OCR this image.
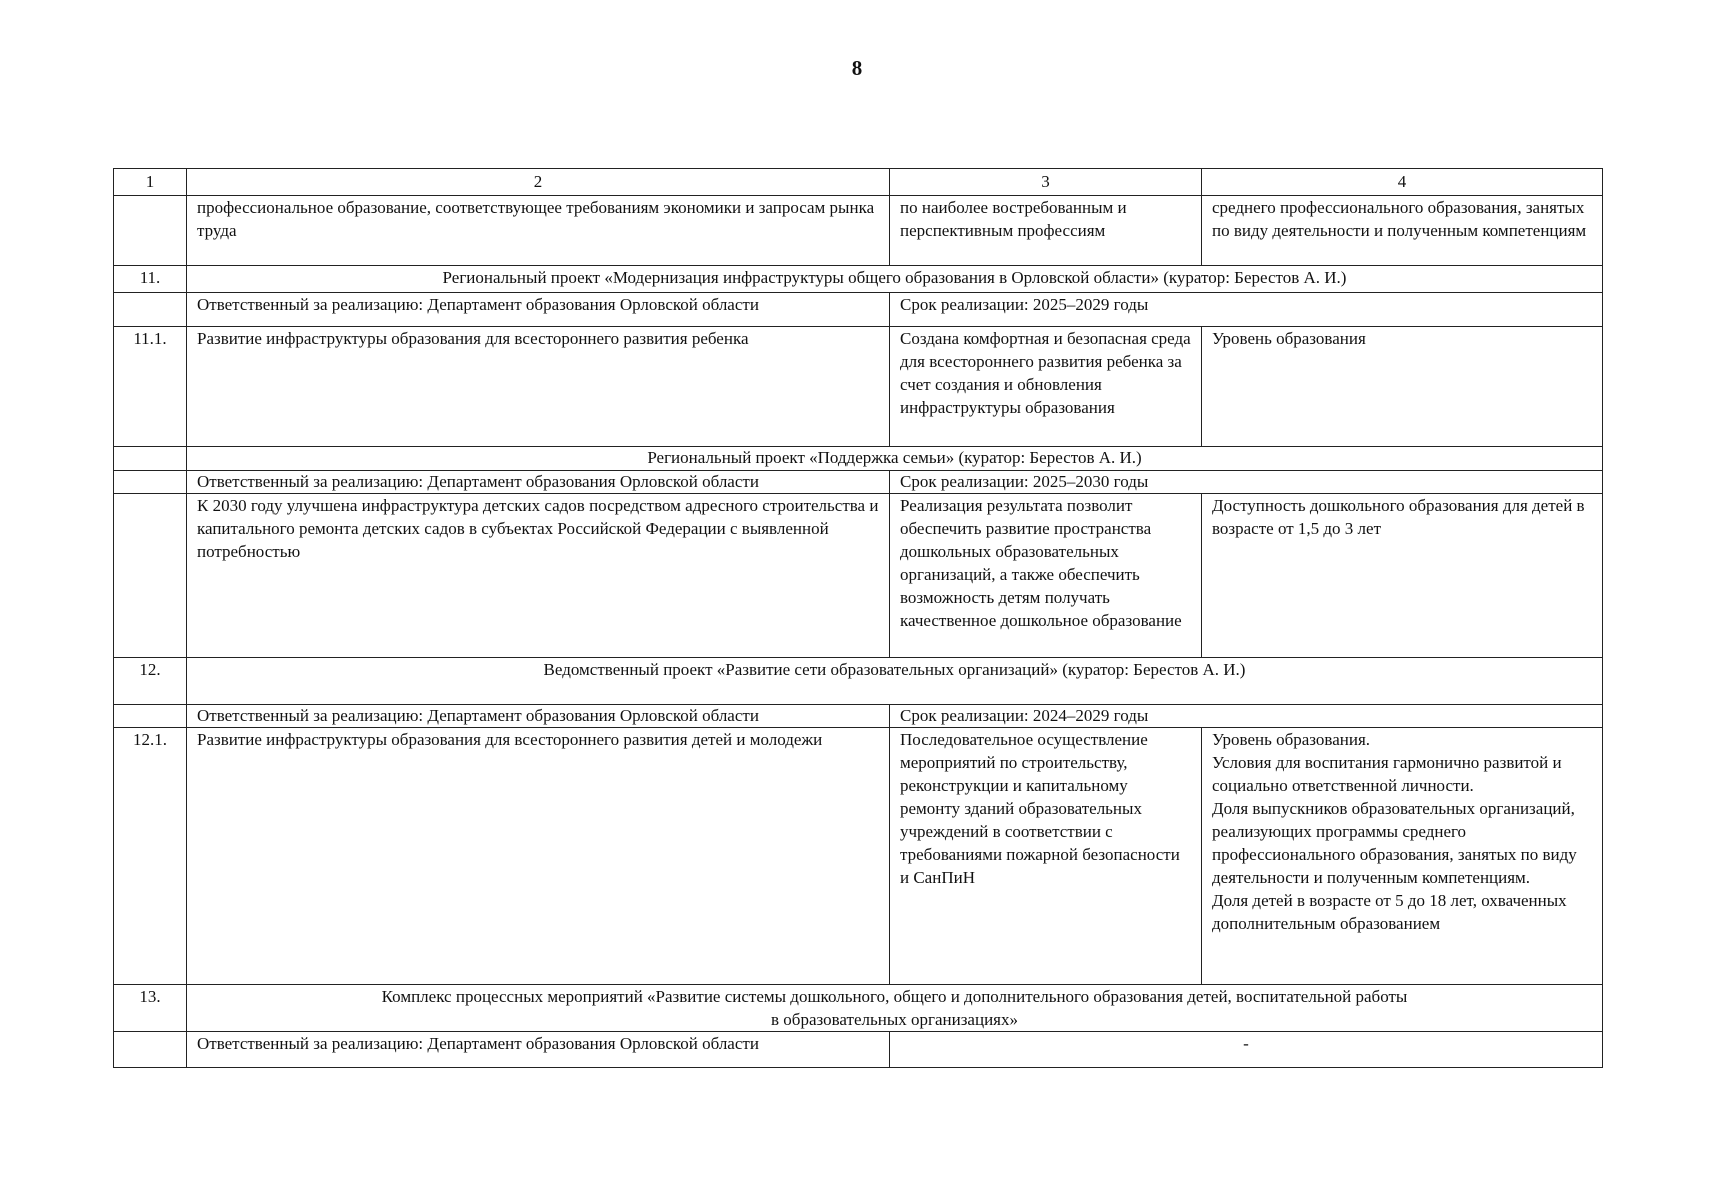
8
1	2	3	4
	профессиональное образование, соответствующее требованиям экономики и запросам рынка труда	по наиболее востребованным и перспективным профессиям	среднего профессионального образования, занятых по виду деятельности и полученным компетенциям
11.	Региональный проект «Модернизация инфраструктуры общего образования в Орловской области» (куратор: Берестов А. И.)		
	Ответственный за реализацию: Департамент образования Орловской области	Срок реализации: 2025–2029 годы	
11.1.	Развитие инфраструктуры образования для всестороннего развития ребенка	Создана комфортная и безопасная среда для всестороннего развития ребенка за счет создания и обновления инфраструктуры образования	Уровень образования
	Региональный проект «Поддержка семьи» (куратор: Берестов А. И.)		
	Ответственный за реализацию: Департамент образования Орловской области	Срок реализации: 2025–2030 годы	
	К 2030 году улучшена инфраструктура детских садов посредством адресного строительства и капитального ремонта детских садов в субъектах Российской Федерации с выявленной потребностью	Реализация результата позволит обеспечить развитие пространства дошкольных образовательных организаций, а также обеспечить возможность детям получать качественное дошкольное образование	Доступность дошкольного образования для детей в возрасте от 1,5 до 3 лет
12.	Ведомственный проект «Развитие сети образовательных организаций» (куратор: Берестов А. И.)		
	Ответственный за реализацию: Департамент образования Орловской области	Срок реализации: 2024–2029 годы	
12.1.	Развитие инфраструктуры образования для всестороннего развития детей и молодежи	Последовательное осуществление мероприятий по строительству, реконструкции и капитальному ремонту зданий образовательных учреждений в соответствии с требованиями пожарной безопасности и СанПиН	Уровень образования.
Условия для воспитания гармонично развитой и социально ответственной личности.
Доля выпускников образовательных организаций, реализующих программы среднего профессионального образования, занятых по виду деятельности и полученным компетенциям.
Доля детей в возрасте от 5 до 18 лет, охваченных дополнительным образованием

13.	Комплекс процессных мероприятий «Развитие системы дошкольного, общего и дополнительного образования детей, воспитательной работы
в образовательных организациях»		

	Ответственный за реализацию: Департамент образования Орловской области	-	
